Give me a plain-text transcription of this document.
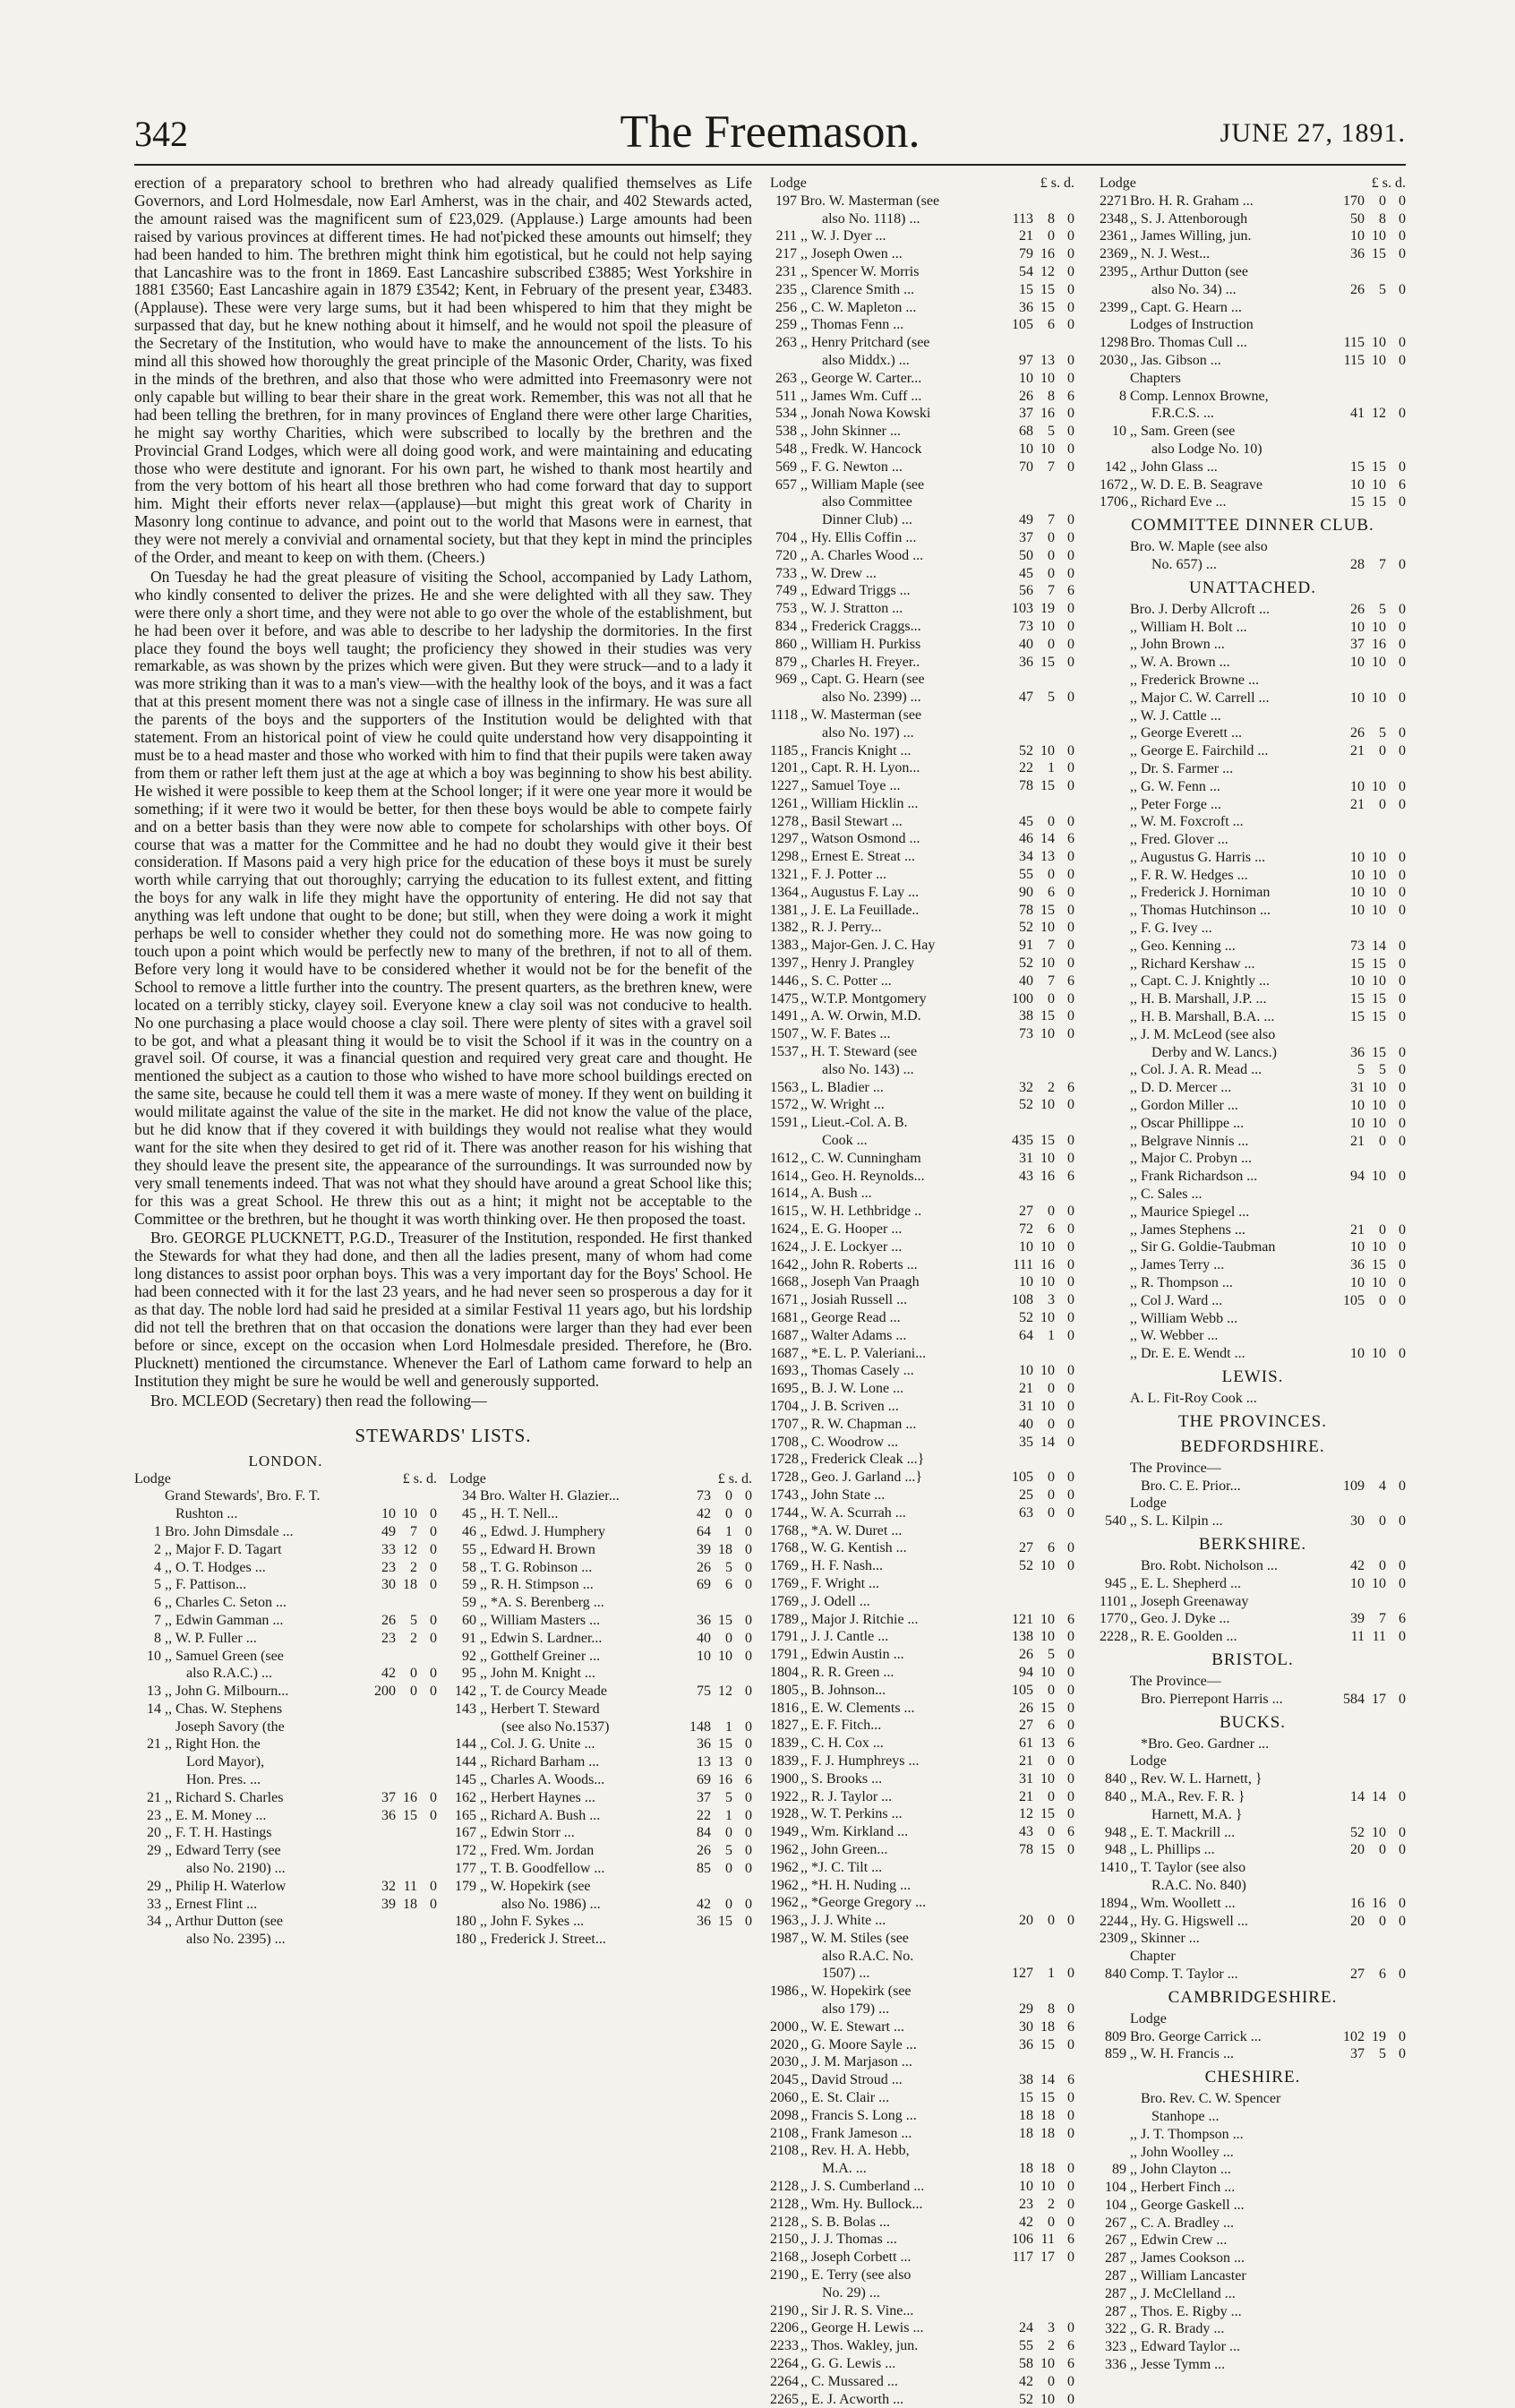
342	The Freemason.	JUNE 27, 1891.

erection of a preparatory school to brethren who had already qualified themselves as Life Governors, and Lord Holmesdale, now Earl Amherst, was in the chair, and 402 Stewards acted, the amount raised was the magnificent sum of £23,029. (Applause.) Large amounts had been raised by various provinces at different times. He had not'picked these amounts out himself; they had been handed to him. The brethren might think him egotistical, but he could not help saying that Lancashire was to the front in 1869. East Lancashire subscribed £3885; West Yorkshire in 1881 £3560; East Lancashire again in 1879 £3542; Kent, in February of the present year, £3483. (Applause). These were very large sums, but it had been whispered to him that they might be surpassed that day, but he knew nothing about it himself, and he would not spoil the pleasure of the Secretary of the Institution, who would have to make the announcement of the lists. To his mind all this showed how thoroughly the great principle of the Masonic Order, Charity, was fixed in the minds of the brethren, and also that those who were admitted into Freemasonry were not only capable but willing to bear their share in the great work. Remember, this was not all that he had been telling the brethren, for in many provinces of England there were other large Charities, he might say worthy Charities, which were subscribed to locally by the brethren and the Provincial Grand Lodges, which were all doing good work, and were maintaining and educating those who were destitute and ignorant. For his own part, he wished to thank most heartily and from the very bottom of his heart all those brethren who had come forward that day to support him. Might their efforts never relax—(applause)—but might this great work of Charity in Masonry long continue to advance, and point out to the world that Masons were in earnest, that they were not merely a convivial and ornamental society, but that they kept in mind the principles of the Order, and meant to keep on with them. (Cheers.)

On Tuesday he had the great pleasure of visiting the School, accompanied by Lady Lathom, who kindly consented to deliver the prizes. He and she were delighted with all they saw. They were there only a short time, and they were not able to go over the whole of the establishment, but he had been over it before, and was able to describe to her ladyship the dormitories. In the first place they found the boys well taught; the proficiency they showed in their studies was very remarkable, as was shown by the prizes which were given. But they were struck—and to a lady it was more striking than it was to a man's view—with the healthy look of the boys, and it was a fact that at this present moment there was not a single case of illness in the infirmary. He was sure all the parents of the boys and the supporters of the Institution would be delighted with that statement. From an historical point of view he could quite understand how very disappointing it must be to a head master and those who worked with him to find that their pupils were taken away from them or rather left them just at the age at which a boy was beginning to show his best ability. He wished it were possible to keep them at the School longer; if it were one year more it would be something; if it were two it would be better, for then these boys would be able to compete fairly and on a better basis than they were now able to compete for scholarships with other boys. Of course that was a matter for the Committee and he had no doubt they would give it their best consideration. If Masons paid a very high price for the education of these boys it must be surely worth while carrying that out thoroughly; carrying the education to its fullest extent, and fitting the boys for any walk in life they might have the opportunity of entering. He did not say that anything was left undone that ought to be done; but still, when they were doing a work it might perhaps be well to consider whether they could not do something more. He was now going to touch upon a point which would be perfectly new to many of the brethren, if not to all of them. Before very long it would have to be considered whether it would not be for the benefit of the School to remove a little further into the country. The present quarters, as the brethren knew, were located on a terribly sticky, clayey soil. Everyone knew a clay soil was not conducive to health. No one purchasing a place would choose a clay soil. There were plenty of sites with a gravel soil to be got, and what a pleasant thing it would be to visit the School if it was in the country on a gravel soil. Of course, it was a financial question and required very great care and thought. He mentioned the subject as a caution to those who wished to have more school buildings erected on the same site, because he could tell them it was a mere waste of money. If they went on building it would militate against the value of the site in the market. He did not know the value of the place, but he did know that if they covered it with buildings they would not realise what they would want for the site when they desired to get rid of it. There was another reason for his wishing that they should leave the present site, the appearance of the surroundings. It was surrounded now by very small tenements indeed. That was not what they should have around a great School like this; for this was a great School. He threw this out as a hint; it might not be acceptable to the Committee or the brethren, but he thought it was worth thinking over. He then proposed the toast.

Bro. GEORGE PLUCKNETT, P.G.D., Treasurer of the Institution, responded. He first thanked the Stewards for what they had done, and then all the ladies present, many of whom had come long distances to assist poor orphan boys. This was a very important day for the Boys' School. He had been connected with it for the last 23 years, and he had never seen so prosperous a day for it as that day. The noble lord had said he presided at a similar Festival 11 years ago, but his lordship did not tell the brethren that on that occasion the donations were larger than they had ever been before or since, except on the occasion when Lord Holmesdale presided. Therefore, he (Bro. Plucknett) mentioned the circumstance. Whenever the Earl of Lathom came forward to help an Institution they might be sure he would be well and generously supported.

Bro. MCLEOD (Secretary) then read the following—

STEWARDS' LISTS.
LONDON.
Lodge	£ s. d.
Grand Stewards', Bro. F. T.
Rushton ...	10 10 0
1 Bro. John Dimsdale ...	49	7 0
2 ,, Major F. D. Tagart	33 12 0
4 ,, O. T. Hodges ...	23	2 0
5 ,, F. Pattison...	30 18 0
6 ,, Charles C. Seton ...
7 ,, Edwin Gamman ...	26	5 0
8 ,, W. P. Fuller ...	23	2 0
10 ,, Samuel Green (see
also R.A.C.) ...	42	0 0
13 ,, John G. Milbourn...	200	0 0
14 ,, Chas. W. Stephens
Joseph Savory (the
21 ,, Right Hon. the
Lord Mayor),
Hon. Pres. ...
21 ,, Richard S. Charles	37 16 0
23 ,, E. M. Money ...	36 15 0
20 ,, F. T. H. Hastings
29 ,, Edward Terry (see
also No. 2190) ...
29 ,, Philip H. Waterlow	32 11 0
33 ,, Ernest Flint ...	39 18 0
34 ,, Arthur Dutton (see
also No. 2395) ...
Lodge	£ s. d.
34 Bro. Walter H. Glazier...	73	0 0
45 ,, H. T. Nell...	42	0 0
46 ,, Edwd. J. Humphery	64	1 0
55 ,, Edward H. Brown	39 18 0
58 ,, T. G. Robinson ...	26	5 0
59 ,, R. H. Stimpson ...	69	6 0
59 ,, *A. S. Berenberg ...
60 ,, William Masters ...	36 15 0
91 ,, Edwin S. Lardner...	40	0 0
92 ,, Gotthelf Greiner ...	10 10 0
95 ,, John M. Knight ...
142 ,, T. de Courcy Meade	75 12 0
143 ,, Herbert T. Steward
(see also No.1537)	148	1 0
144 ,, Col. J. G. Unite ...	36 15 0
144 ,, Richard Barham ...	13 13 0
145 ,, Charles A. Woods...	69 16 6
162 ,, Herbert Haynes ...	37	5 0
165 ,, Richard A. Bush ...	22	1 0
167 ,, Edwin Storr ...	84	0 0
172 ,, Fred. Wm. Jordan	26	5 0
177 ,, T. B. Goodfellow ...	85	0 0
179 ,, W. Hopekirk (see
also No. 1986) ...	42	0 0
180 ,, John F. Sykes ...	36 15 0
180 ,, Frederick J. Street...
Lodge	£ s. d.
197 Bro. W. Masterman (see
also No. 1118) ...	113	8 0
211 ,, W. J. Dyer ...	21	0 0
217 ,, Joseph Owen ...	79 16 0
231 ,, Spencer W. Morris	54 12 0
235 ,, Clarence Smith ...	15 15 0
256 ,, C. W. Mapleton ...	36 15 0
259 ,, Thomas Fenn ...	105	6 0
263 ,, Henry Pritchard (see
also Middx.) ...	97 13 0
263 ,, George W. Carter...	10 10 0
511 ,, James Wm. Cuff ...	26	8 6
534 ,, Jonah Nowa Kowski	37 16 0
538 ,, John Skinner ...	68	5 0
548 ,, Fredk. W. Hancock	10 10 0
569 ,, F. G. Newton ...	70	7 0
657 ,, William Maple (see
also Committee
Dinner Club) ...	49	7 0
704 ,, Hy. Ellis Coffin ...	37	0 0
720 ,, A. Charles Wood ...	50	0 0
733 ,, W. Drew ...	45	0 0
749 ,, Edward Triggs ...	56	7 6
753 ,, W. J. Stratton ...	103 19 0
834 ,, Frederick Craggs...	73 10 0
860 ,, William H. Purkiss	40	0 0
879 ,, Charles H. Freyer..	36 15 0
969 ,, Capt. G. Hearn (see
also No. 2399) ...	47	5 0
1118 ,, W. Masterman (see
also No. 197) ...
1185 ,, Francis Knight ...	52 10 0
1201 ,, Capt. R. H. Lyon...	22	1 0
1227 ,, Samuel Toye ...	78 15 0
1261 ,, William Hicklin ...
1278 ,, Basil Stewart ...	45	0 0
1297 ,, Watson Osmond ...	46 14 6
1298 ,, Ernest E. Streat ...	34 13 0
1321 ,, F. J. Potter ...	55	0 0
1364 ,, Augustus F. Lay ...	90	6 0
1381 ,, J. E. La Feuillade..	78 15 0
1382 ,, R. J. Perry...	52 10 0
1383 ,, Major-Gen. J. C. Hay	91	7 0
1397 ,, Henry J. Prangley	52 10 0
1446 ,, S. C. Potter ...	40	7 6
1475 ,, W.T.P. Montgomery	100	0 0
1491 ,, A. W. Orwin, M.D.	38 15 0
1507 ,, W. F. Bates ...	73 10 0
1537 ,, H. T. Steward (see
also No. 143) ...
1563 ,, L. Bladier ...	32	2 6
1572 ,, W. Wright ...	52 10 0
1591 ,, Lieut.-Col. A. B.
Cook ...	435 15 0
1612 ,, C. W. Cunningham	31 10 0
1614 ,, Geo. H. Reynolds...	43 16 6
1614 ,, A. Bush ...
1615 ,, W. H. Lethbridge ..	27	0 0
1624 ,, E. G. Hooper ...	72	6 0
1624 ,, J. E. Lockyer ...	10 10 0
1642 ,, John R. Roberts ...	111 16 0
1668 ,, Joseph Van Praagh	10 10 0
1671 ,, Josiah Russell ...	108	3 0
1681 ,, George Read ...	52 10 0
1687 ,, Walter Adams ...	64	1 0
1687 ,, *E. L. P. Valeriani...
1693 ,, Thomas Casely ...	10 10 0
1695 ,, B. J. W. Lone ...	21	0 0
1704 ,, J. B. Scriven ...	31 10 0
1707 ,, R. W. Chapman ...	40	0 0
1708 ,, C. Woodrow ...	35 14 0
1728 ,, Frederick Cleak ...}
1728 ,, Geo. J. Garland ...}	105	0 0
1743 ,, John State ...	25	0 0
1744 ,, W. A. Scurrah ...	63	0 0
1768 ,, *A. W. Duret ...
1768 ,, W. G. Kentish ...	27	6 0
1769 ,, H. F. Nash...	52 10 0
1769 ,, F. Wright ...
1769 ,, J. Odell ...
1789 ,, Major J. Ritchie ...	121 10 6
1791 ,, J. J. Cantle ...	138 10 0
1791 ,, Edwin Austin ...	26	5 0
1804 ,, R. R. Green ...	94 10 0
1805 ,, B. Johnson...	105	0 0
1816 ,, E. W. Clements ...	26 15 0
1827 ,, E. F. Fitch...	27	6 0
1839 ,, C. H. Cox ...	61 13 6
1839 ,, F. J. Humphreys ...	21	0 0
1900 ,, S. Brooks ...	31 10 0
1922 ,, R. J. Taylor ...	21	0 0
1928 ,, W. T. Perkins ...	12 15 0
1949 ,, Wm. Kirkland ...	43	0 6
1962 ,, John Green...	78 15 0
1962 ,, *J. C. Tilt ...
1962 ,, *H. H. Nuding ...
1962 ,, *George Gregory ...
1963 ,, J. J. White ...	20	0 0
1987 ,, W. M. Stiles (see
also R.A.C. No.
1507) ...	127	1 0
1986 ,, W. Hopekirk (see
also 179) ...	29	8 0
2000 ,, W. E. Stewart ...	30 18 6
2020 ,, G. Moore Sayle ...	36 15 0
2030 ,, J. M. Marjason ...
2045 ,, David Stroud ...	38 14 6
2060 ,, E. St. Clair ...	15 15 0
2098 ,, Francis S. Long ...	18 18 0
2108 ,, Frank Jameson ...	18 18 0
2108 ,, Rev. H. A. Hebb,
M.A. ...	18 18 0
2128 ,, J. S. Cumberland ...	10 10 0
2128 ,, Wm. Hy. Bullock...	23	2 0
2128 ,, S. B. Bolas ...	42	0 0
2150 ,, J. J. Thomas ...	106 11 6
2168 ,, Joseph Corbett ...	117 17 0
2190 ,, E. Terry (see also
No. 29) ...
2190 ,, Sir J. R. S. Vine...
2206 ,, George H. Lewis ...	24	3 0
2233 ,, Thos. Wakley, jun.	55	2 6
2264 ,, G. G. Lewis ...	58 10 6
2264 ,, C. Mussared ...	42	0 0
2265 ,, E. J. Acworth ...	52 10 0
Lodge	£ s. d.
2271 Bro. H. R. Graham ...	170	0 0
2348 ,, S. J. Attenborough	50	8 0
2361 ,, James Willing, jun.	10 10 0
2369 ,, N. J. West...	36 15 0
2395 ,, Arthur Dutton (see
also No. 34) ...	26	5 0
2399 ,, Capt. G. Hearn ...
Lodges of Instruction
1298 Bro. Thomas Cull ...	115 10 0
2030 ,, Jas. Gibson ...	115 10 0
Chapters
8 Comp. Lennox Browne,
F.R.C.S. ...	41 12 0
10 ,, Sam. Green (see
also Lodge No. 10)
142 ,, John Glass ...	15 15 0
1672 ,, W. D. E. B. Seagrave	10 10 6
1706 ,, Richard Eve ...	15 15 0
COMMITTEE DINNER CLUB.
Bro. W. Maple (see also
No. 657) ...	28	7 0
UNATTACHED.
Bro. J. Derby Allcroft ...	26	5 0
,, William H. Bolt ...	10 10 0
,, John Brown ...	37 16 0
,, W. A. Brown ...	10 10 0
,, Frederick Browne ...
,, Major C. W. Carrell ...	10 10 0
,, W. J. Cattle ...
,, George Everett ...	26	5 0
,, George E. Fairchild ...	21	0 0
,, Dr. S. Farmer ...
,, G. W. Fenn ...	10 10 0
,, Peter Forge ...	21	0 0
,, W. M. Foxcroft ...
,, Fred. Glover ...
,, Augustus G. Harris ...	10 10 0
,, F. R. W. Hedges ...	10 10 0
,, Frederick J. Horniman	10 10 0
,, Thomas Hutchinson ...	10 10 0
,, F. G. Ivey ...
,, Geo. Kenning ...	73 14 0
,, Richard Kershaw ...	15 15 0
,, Capt. C. J. Knightly ...	10 10 0
,, H. B. Marshall, J.P. ...	15 15 0
,, H. B. Marshall, B.A. ...	15 15 0
,, J. M. McLeod (see also
Derby and W. Lancs.)	36 15 0
,, Col. J. A. R. Mead ...	5	5 0
,, D. D. Mercer ...	31 10 0
,, Gordon Miller ...	10 10 0
,, Oscar Phillippe ...	10 10 0
,, Belgrave Ninnis ...	21	0 0
,, Major C. Probyn ...
,, Frank Richardson ...	94 10 0
,, C. Sales ...
,, Maurice Spiegel ...
,, James Stephens ...	21	0 0
,, Sir G. Goldie-Taubman	10 10 0
,, James Terry ...	36 15 0
,, R. Thompson ...	10 10 0
,, Col J. Ward ...	105	0 0
,, William Webb ...
,, W. Webber ...
,, Dr. E. E. Wendt ...	10 10 0
LEWIS.
A. L. Fit-Roy Cook ...
THE PROVINCES.
BEDFORDSHIRE.
The Province—
Bro. C. E. Prior...	109	4 0
Lodge
540 ,, S. L. Kilpin ...	30	0 0
BERKSHIRE.
Bro. Robt. Nicholson ...	42	0 0
945 ,, E. L. Shepherd ...	10 10 0
1101 ,, Joseph Greenaway
1770 ,, Geo. J. Dyke ...	39	7 6
2228 ,, R. E. Goolden ...	11 11 0
BRISTOL.
The Province—
Bro. Pierrepont Harris ...	584 17 0
BUCKS.
*Bro. Geo. Gardner ...
Lodge
840 ,, Rev. W. L. Harnett, }
840 ,, M.A., Rev. F. R. }	14 14 0
Harnett, M.A. }
948 ,, E. T. Mackrill ...	52 10 0
948 ,, L. Phillips ...	20	0 0
1410 ,, T. Taylor (see also
R.A.C. No. 840)
1894 ,, Wm. Woollett ...	16 16 0
2244 ,, Hy. G. Higswell ...	20	0 0
2309 ,, Skinner ...
Chapter
840 Comp. T. Taylor ...	27	6 0
CAMBRIDGESHIRE.
Lodge
809 Bro. George Carrick ...	102 19 0
859 ,, W. H. Francis ...	37	5 0
CHESHIRE.
Bro. Rev. C. W. Spencer
Stanhope ...
,, J. T. Thompson ...
,, John Woolley ...
89 ,, John Clayton ...
104 ,, Herbert Finch ...
104 ,, George Gaskell ...
267 ,, C. A. Bradley ...
267 ,, Edwin Crew ...
287 ,, James Cookson ...
287 ,, William Lancaster
287 ,, J. McClelland ...
287 ,, Thos. E. Rigby ...
322 ,, G. R. Brady ...
323 ,, Edward Taylor ...
336 ,, Jesse Tymm ...
